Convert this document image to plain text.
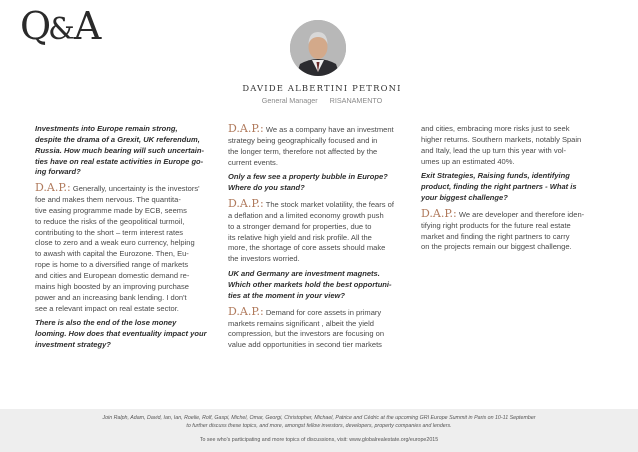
Q&A
DAVIDE ALBERTINI PETRONI
General Manager RISANAMENTO

Investments into Europe remain strong,
despite the drama of a Grexit, UK referendum,
Russia. How much bearing will such uncertain-
ties have on real estate activities in Europe go-
ing forward?

D.A.P.: Generally, uncertainty is the investors'
foe and makes them nervous. The quantita-
tive easing programme made by ECB, seems
to reduce the risks of the geopolitical turmoil,
contributing to the short – term interest rates
close to zero and a weak euro currency, helping
to awash with capital the Eurozone. Then, Eu-
rope is home to a diversified range of markets
and cities and European domestic demand re-
mains high boosted by an improving purchase
power and an increasing bank lending. I don't
see a relevant impact on real estate sector.

There is also the end of the lose money
looming. How does that eventuality impact your
investment strategy?

D.A.P.: We as a company have an investment
strategy being geographically focused and in
the longer term, therefore not affected by the
current events.

Only a few see a property bubble in Europe?
Where do you stand?

D.A.P.: The stock market volatility, the fears of
a deflation and a limited economy growth push
to a stronger demand for properties, due to
its relative high yield and risk profile. All the
more, the shortage of core assets should make
the investors worried.

UK and Germany are investment magnets.
Which other markets hold the best opportuni-
ties at the moment in your view?

D.A.P.: Demand for core assets in primary
markets remains significant , albeit the yield
compression, but the investors are focusing on
value add opportunities in second tier markets

and cities, embracing more risks just to seek
higher returns. Southern markets, notably Spain
and Italy, lead the up turn this year with vol-
umes up an estimated 40%.

Exit Strategies, Raising funds, identifying
product, finding the right partners - What is
your biggest challenge?

D.A.P.: We are developer and therefore iden-
tifying right products for the future real estate
market and finding the right partners to carry
on the projects remain our biggest challenge.

Join Ralph, Adam, David, Ian, Ian, Roelie, Rolf, Gaspi, Michel, Omar, Georgi, Christopher, Michael, Patrice and Cédric at the upcoming GRI Europe Summit in Paris on 10-11 September
to further discuss these topics, and more, amongst fellow investors, developers, property companies and lenders.
To see who's participating and more topics of discussions, visit: www.globalrealestate.org/europe2015
